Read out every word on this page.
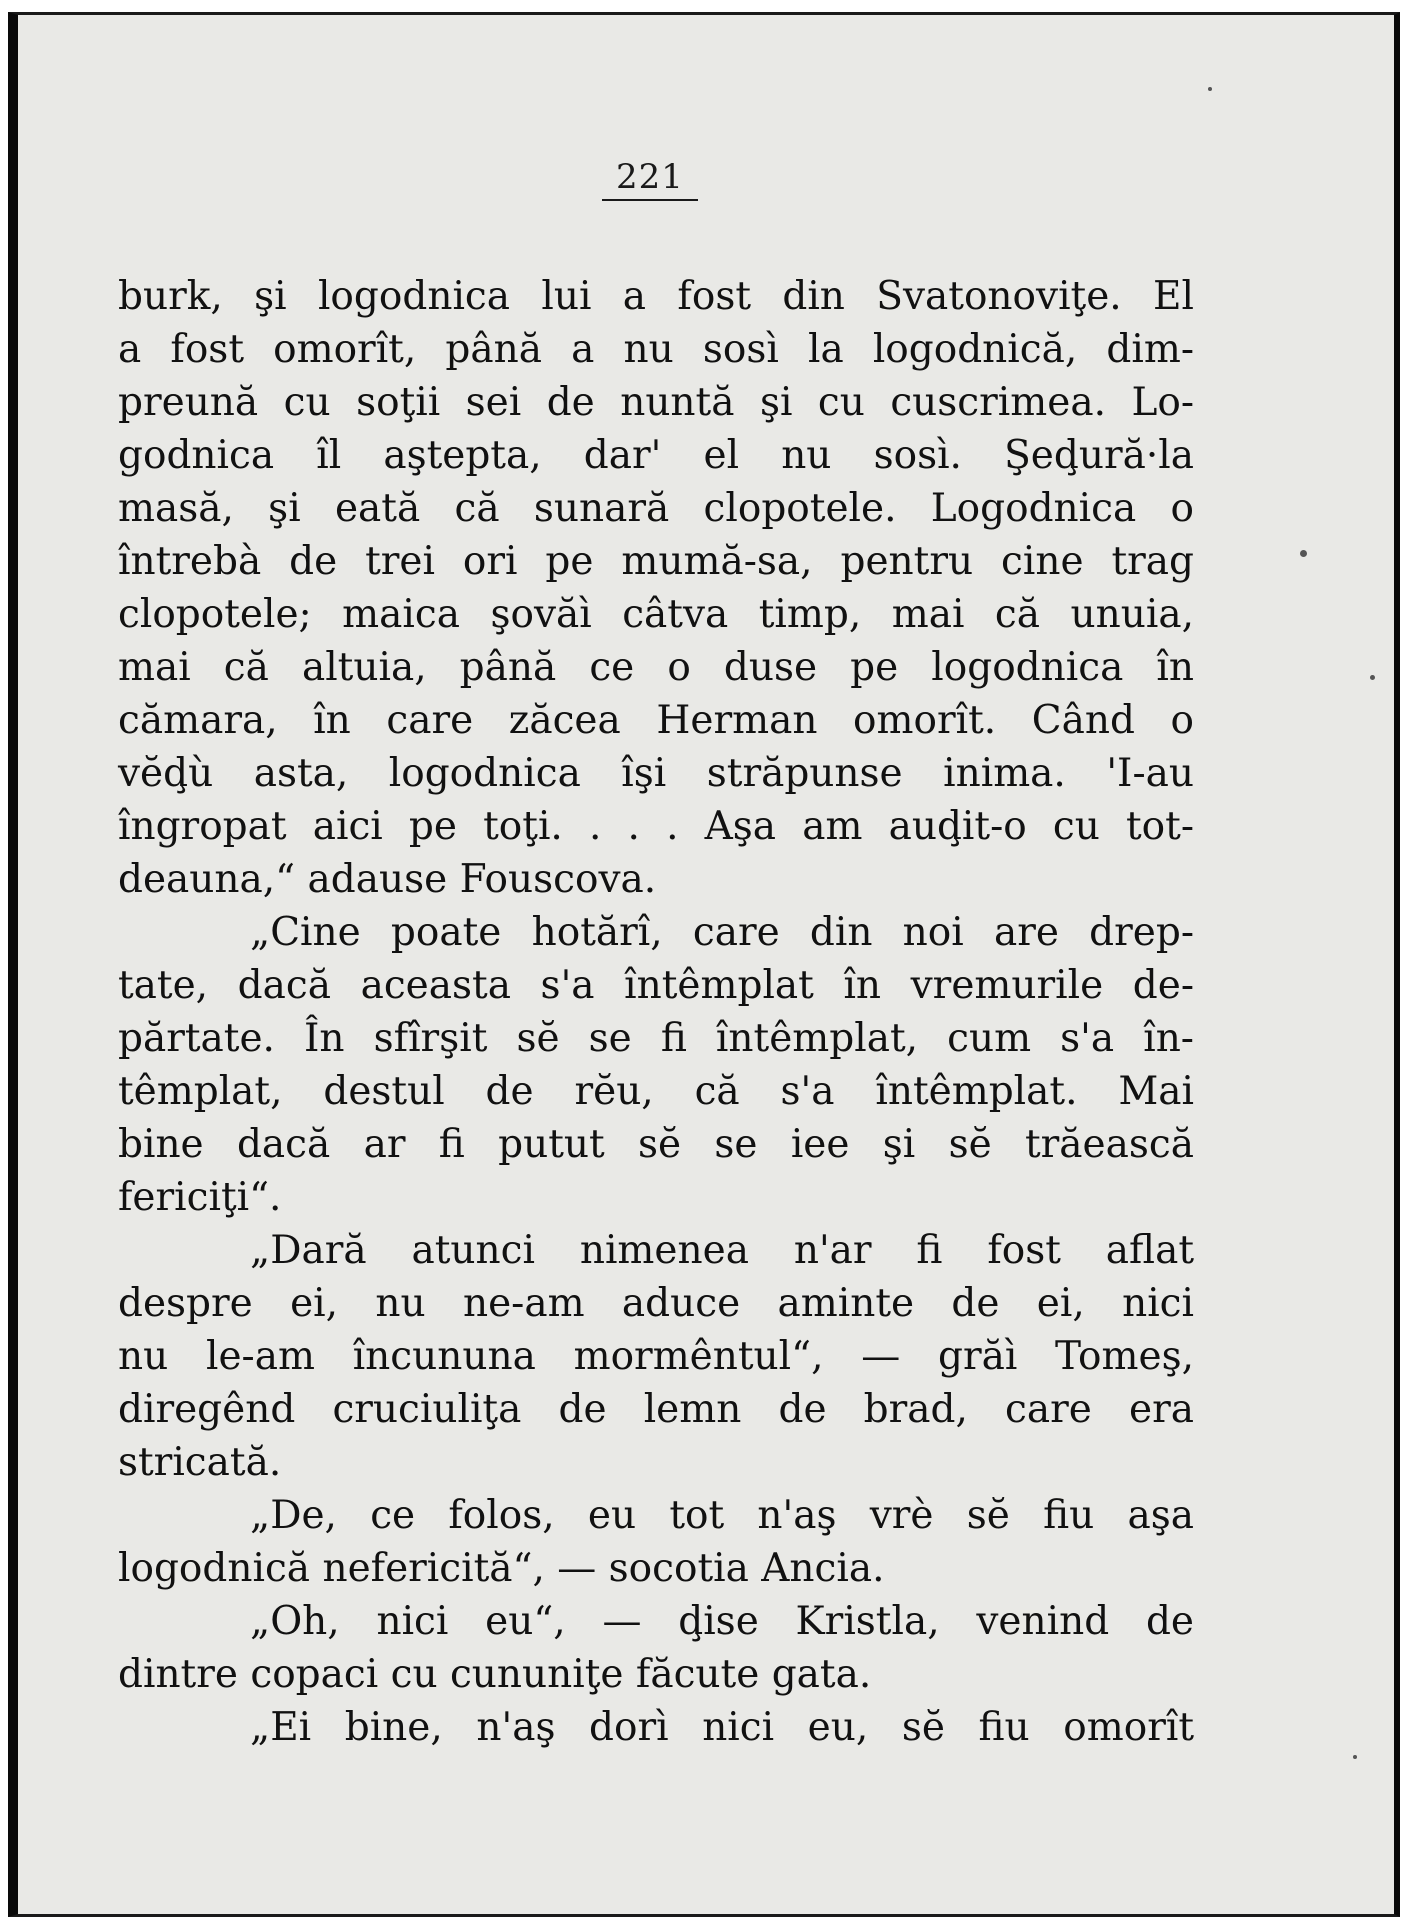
221
burk, şi logodnica lui a fost din Svatonoviţe. El
a fost omorît, până a nu sosì la logodnică, dim-
preună cu soţii sei de nuntă şi cu cuscrimea. Lo-
godnica îl aştepta, dar' el nu sosì. Şeḑură·la
masă, şi eată că sunară clopotele. Logodnica o
întrebà de trei ori pe mumă-sa, pentru cine trag
clopotele; maica şovăì câtva timp, mai că unuia,
mai că altuia, până ce o duse pe logodnica în
cămara, în care zăcea Herman omorît. Când o
vĕḑù asta, logodnica îşi străpunse inima. 'I-au
îngropat aici pe toţi. . . . Aşa am auḑit-o cu tot-
deauna,“ adause Fouscova.
„Cine poate hotărî, care din noi are drep-
tate, dacă aceasta s'a întêmplat în vremurile de-
părtate. În sfîrşit sĕ se fi întêmplat, cum s'a în-
têmplat, destul de rĕu, că s'a întêmplat. Mai
bine dacă ar fi putut sĕ se iee şi sĕ trăească
fericiţi“.
„Dară atunci nimenea n'ar fi fost aflat
despre ei, nu ne-am aduce aminte de ei, nici
nu le-am încununa mormêntul“, — grăì Tomeş,
diregênd cruciuliţa de lemn de brad, care era
stricată.
„De, ce folos, eu tot n'aş vrè sĕ fiu aşa
logodnică nefericită“, — socotia Ancia.
„Oh, nici eu“, — ḑise Kristla, venind de
dintre copaci cu cununiţe făcute gata.
„Ei bine, n'aş dorì nici eu, sĕ fiu omorît
